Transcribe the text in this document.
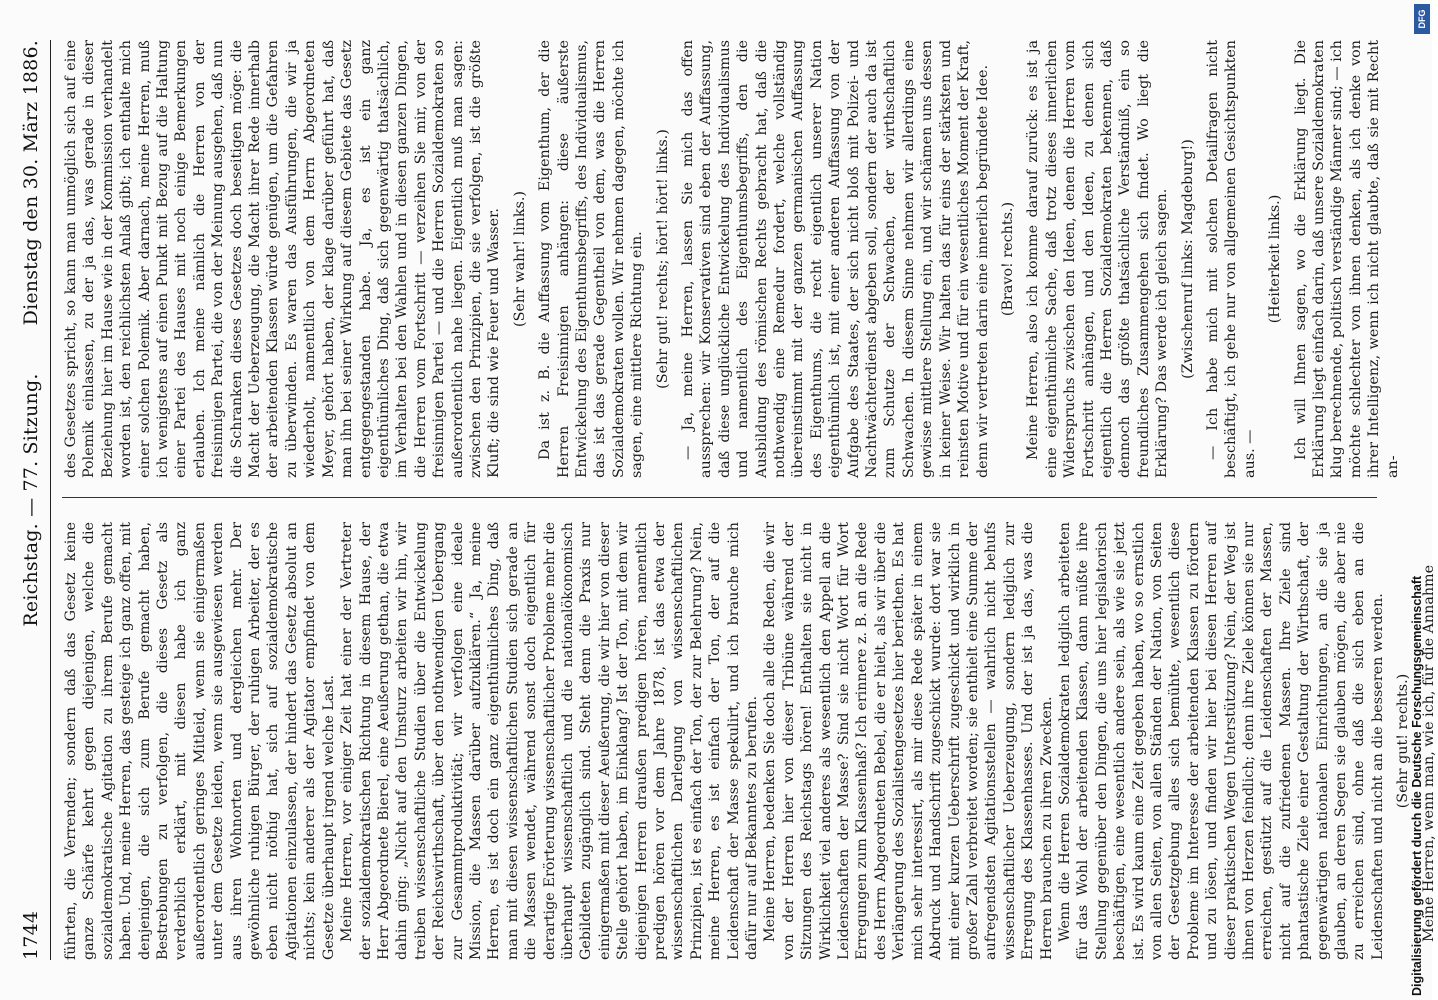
1744
Reichstag. — 77. Sitzung.
Dienstag den 30. März 1886.

führten, die Verrenden; sondern daß das Gesetz keine ganze Schärfe kehrt gegen diejenigen, welche die sozialdemokratische Agitation zu ihrem Berufe gemacht haben. Und, meine Herren, das gesteige ich ganz offen, mit denjenigen, die sich zum Berufe gemacht haben, Bestrebungen zu verfolgen, die dieses Gesetz als verderblich erklärt, mit diesen habe ich ganz außerordentlich geringes Mitleid, wenn sie einigermaßen unter dem Gesetze leiden, wenn sie ausgewiesen werden aus ihren Wohnorten und dergleichen mehr. Der gewöhnliche ruhigen Bürger, der ruhigen Arbeiter, der es eben nicht nöthig hat, sich auf sozialdemokratische Agitationen einzulassen, der hindert das Gesetz absolut an nichts; kein anderer als der Agitator empfindet von dem Gesetze überhaupt irgend welche Last. Meine Herren, vor einiger Zeit hat einer der Vertreter der sozialdemokratischen Richtung in diesem Hause, der Herr Abgeordnete Bierel, eine Aeußerung gethan, die etwa dahin ging: „Nicht auf den Umsturz arbeiten wir hin, wir treiben wissenschaftliche Studien über die Entwickelung der Reichswirthschaft, über den nothwendigen Uebergang zur Gesammtproduktivität; wir verfolgen eine ideale Mission, die Massen darüber aufzuklären.“ Ja, meine Herren, es ist doch ein ganz eigenthümliches Ding, daß man mit diesen wissenschaftlichen Studien sich gerade an die Massen wendet, während sonst doch eigentlich für derartige Erörterung wissenschaftlicher Probleme mehr die überhaupt wissenschaftlich und die nationalökonomisch Gebildeten zugänglich sind. Steht denn die Praxis nur einigermaßen mit dieser Aeußerung, die wir hier von dieser Stelle gehört haben, im Einklang? Ist der Ton, mit dem wir diejenigen Herren draußen predigen hören, namentlich predigen hören vor dem Jahre 1878, ist das etwa der wissenschaftlichen Darlegung von wissenschaftlichen Prinzipien, ist es einfach der Ton, der zur Belehrung? Nein, meine Herren, es ist einfach der Ton, der auf die Leidenschaft der Masse spekulirt, und ich brauche mich dafür nur auf Bekanntes zu berufen. Meine Herren, bedenken Sie doch alle die Reden, die wir von der Herren hier von dieser Tribüne während der Sitzungen des Reichstags hören! Enthalten sie nicht in Wirklichkeit viel anderes als wesentlich den Appell an die Leidenschaften der Masse? Sind sie nicht Wort für Wort Erregungen zum Klassenhaß? Ich erinnere z. B. an die Rede des Herrn Abgeordneten Bebel, die er hielt, als wir über die Verlängerung des Sozialistengesetzes hier beriethen. Es hat mich sehr interessirt, als mir diese Rede später in einem Abdruck und Handschrift zugeschickt wurde: dort war sie mit einer kurzen Ueberschrift zugeschickt und wirklich in großer Zahl verbreitet worden; sie enthielt eine Summe der aufregendsten Agitationsstellen — wahrlich nicht behufs wissenschaftlicher Ueberzeugung, sondern lediglich zur Erregung des Klassenhasses. Und der ist ja das, was die Herren brauchen zu ihren Zwecken. Wenn die Herren Sozialdemokraten lediglich arbeiteten für das Wohl der arbeitenden Klassen, dann müßte ihre Stellung gegenüber den Dingen, die uns hier legislatorisch beschäftigen, eine wesentlich andere sein, als wie sie jetzt ist. Es wird kaum eine Zeit gegeben haben, wo so ernstlich von allen Seiten, von allen Ständen der Nation, von Seiten der Gesetzgebung alles sich bemühte, wesentlich diese Probleme im Interesse der arbeitenden Klassen zu fördern und zu lösen, und finden wir hier bei diesen Herren auf dieser praktischen Wegen Unterstützung? Nein, der Weg ist ihnen von Herzen feindlich; denn ihre Ziele können sie nur erreichen, gestützt auf die Leidenschaften der Massen, nicht auf die zufriedenen Massen. Ihre Ziele sind phantastische Ziele einer Gestaltung der Wirthschaft, der gegenwärtigen nationalen Einrichtungen, an die sie ja glauben, an deren Segen sie glauben mögen, die aber nie zu erreichen sind, ohne daß die sich eben an die Leidenschaften und nicht an die besseren werden. (Sehr gut! rechts.) Meine Herren, wenn man, wie ich, für die Annahme

des Gesetzes spricht, so kann man unmöglich sich auf eine Polemik einlassen, zu der ja das, was gerade in dieser Beziehung hier im Hause wie in der Kommission verhandelt worden ist, den reichlichsten Anlaß gibt; ich enthalte mich einer solchen Polemik. Aber darnach, meine Herren, muß ich wenigstens auf einen Punkt mit Bezug auf die Haltung einer Partei des Hauses mit noch einige Bemerkungen erlauben. Ich meine nämlich die Herren von der freisinnigen Partei, die von der Meinung ausgehen, daß nun die Schranken dieses Gesetzes doch beseitigen möge: die Macht der Ueberzeugung, die Macht ihrer Rede innerhalb der arbeitenden Klassen würde genügen, um die Gefahren zu überwinden. Es waren das Ausführungen, die wir ja wiederholt, namentlich von dem Herrn Abgeordneten Meyer, gehört haben, der klage darüber geführt hat, daß man ihn bei seiner Wirkung auf diesem Gebiete das Gesetz entgegengestanden habe. Ja, es ist ein ganz eigenthümliches Ding, daß sich gegenwärtig thatsächlich, im Verhalten bei den Wahlen und in diesen ganzen Dingen, die Herren vom Fortschritt — verzeihen Sie mir, von der freisinnigen Partei — und die Herren Sozialdemokraten so außerordentlich nahe liegen. Eigentlich muß man sagen: zwischen den Prinzipien, die sie verfolgen, ist die größte Kluft; die sind wie Feuer und Wasser. (Sehr wahr! links.) Da ist z. B. die Auffassung vom Eigenthum, der die Herren Freisinnigen anhängen: diese äußerste Entwickelung des Eigenthumsbegriffs, des Individualismus, das ist das gerade Gegentheil von dem, was die Herren Sozialdemokraten wollen. Wir nehmen dagegen, möchte ich sagen, eine mittlere Richtung ein. (Sehr gut! rechts; hört! hört! links.) — Ja, meine Herren, lassen Sie mich das offen aussprechen: wir Konservativen sind eben der Auffassung, daß diese unglückliche Entwickelung des Individualismus und namentlich des Eigenthumsbegriffs, den die Ausbildung des römischen Rechts gebracht hat, daß die nothwendig eine Remedur fordert, welche vollständig übereinstimmt mit der ganzen germanischen Auffassung des Eigenthums, die recht eigentlich unserer Nation eigenthümlich ist, mit einer anderen Auffassung von der Aufgabe des Staates, der sich nicht bloß mit Polizei- und Nachtwächterdienst abgeben soll, sondern der auch da ist zum Schutze der Schwachen, der wirthschaftlich Schwachen. In diesem Sinne nehmen wir allerdings eine gewisse mittlere Stellung ein, und wir schämen uns dessen in keiner Weise. Wir halten das für eins der stärksten und reinsten Motive und für ein wesentliches Moment der Kraft, denn wir vertreten darin eine innerlich begründete Idee. (Bravo! rechts.) Meine Herren, also ich komme darauf zurück: es ist ja eine eigenthümliche Sache, daß trotz dieses innerlichen Widerspruchs zwischen den Ideen, denen die Herren vom Fortschritt anhängen, und den Ideen, zu denen sich eigentlich die Herren Sozialdemokraten bekennen, daß dennoch das größte thatsächliche Verständniß, ein so freundliches Zusammengehen sich findet. Wo liegt die Erklärung? Das werde ich gleich sagen. (Zwischenruf links: Magdeburg!) — Ich habe mich mit solchen Detailfragen nicht beschäftigt, ich gehe nur von allgemeinen Gesichtspunkten aus. —

(Heiterkeit links.) Ich will Ihnen sagen, wo die Erklärung liegt. Die Erklärung liegt einfach darin, daß unsere Sozialdemokraten klug berechnende, politisch verständige Männer sind; — ich möchte schlechter von ihnen denken, als ich denke von ihrer Intelligenz, wenn ich nicht glaubte, daß sie mit Recht an-

Digitalisierung gefördert durch die Deutsche Forschungsgemeinschaft
DFG
